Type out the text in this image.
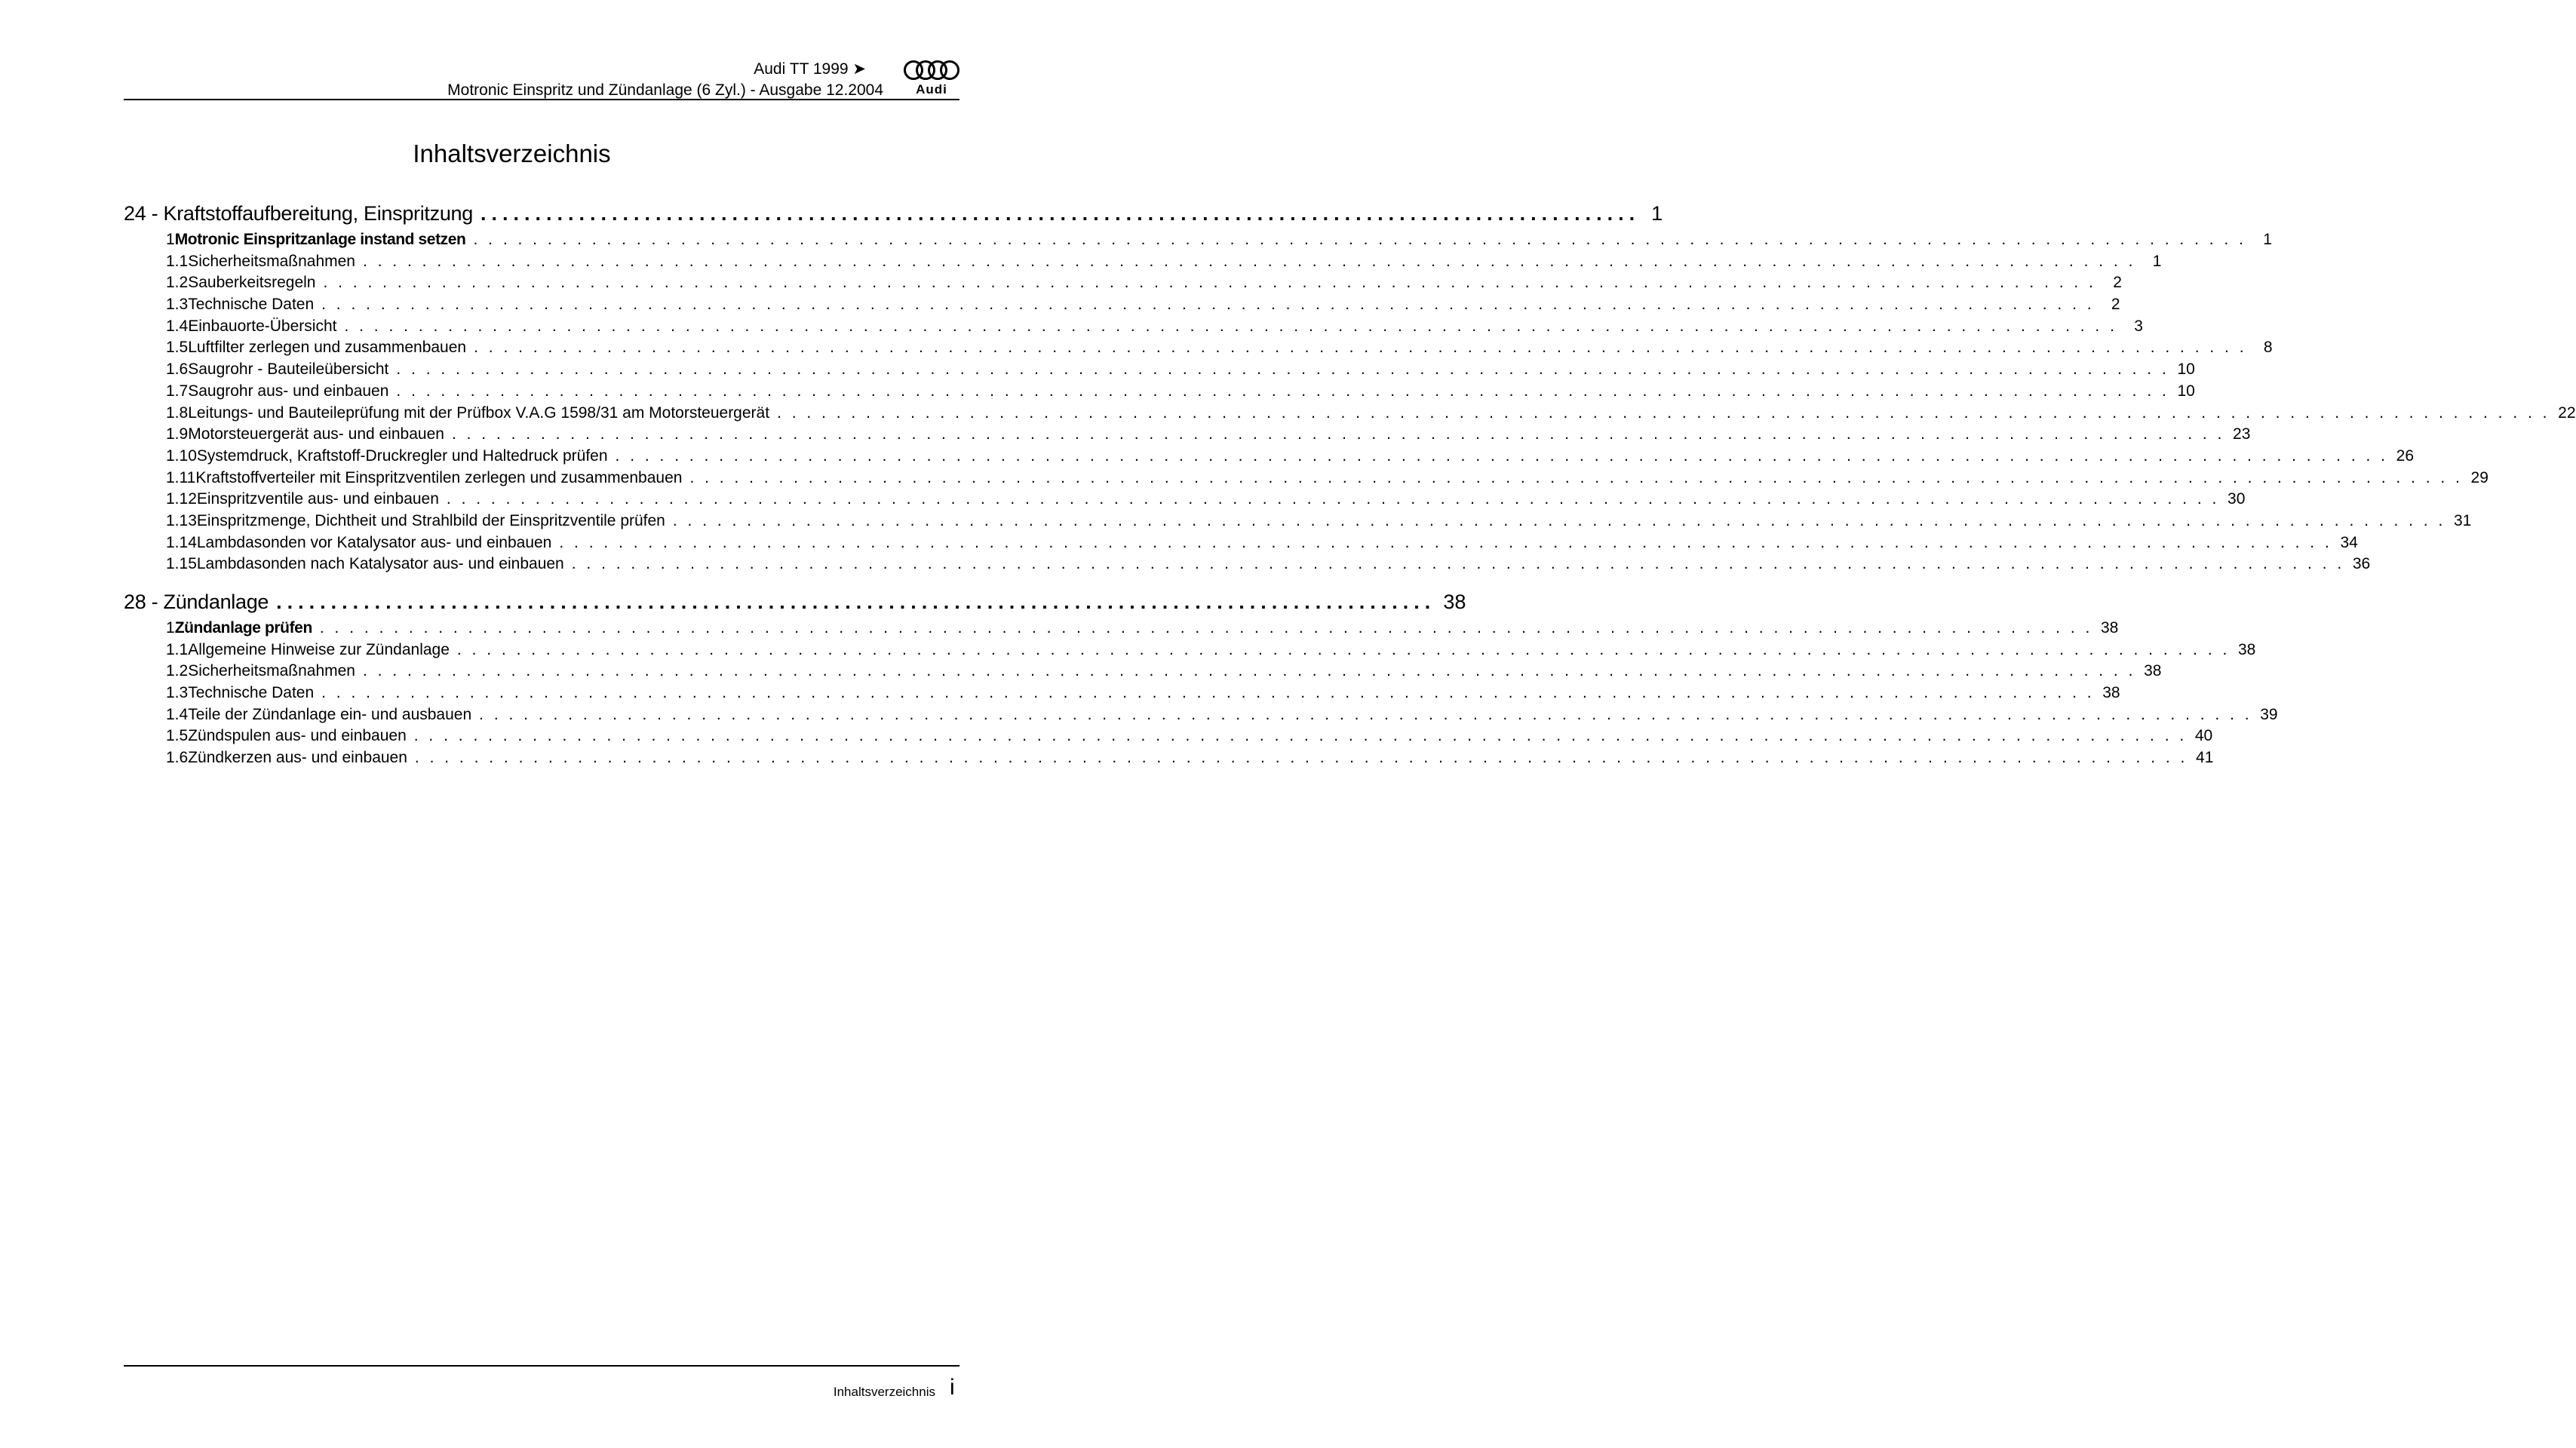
Audi TT 1999 ➤
Motronic Einspritz und Zündanlage (6 Zyl.) - Ausgabe 12.2004	Audi
Inhaltsverzeichnis
24 - Kraftstoffaufbereitung, Einspritzung .......................................................................................................... 1
1 Motronic Einspritzanlage instand setzen . . . . . . . . . . . . . . . . . . . . . . . . . . . . . . . . . . . . . . . . . . . . . . . . . . . . . . . . . . . . . . . . . . . . . . . . . . . . . . . . . . . . . . . . . . . . . . . . . . . . . . . . . . . . . . . . . . . . . . . .	1
1.1 Sicherheitsmaßnahmen . . . . . . . . . . . . . . . . . . . . . . . . . . . . . . . . . . . . . . . . . . . . . . . . . . . . . . . . . . . . . . . . . . . . . . . . . . . . . . . . . . . . . . . . . . . . . . . . . . . . . . . . . . . . . . . . . . . . . . . .	1
1.2 Sauberkeitsregeln . . . . . . . . . . . . . . . . . . . . . . . . . . . . . . . . . . . . . . . . . . . . . . . . . . . . . . . . . . . . . . . . . . . . . . . . . . . . . . . . . . . . . . . . . . . . . . . . . . . . . . . . . . . . . . . . . . . . . . . .	2
1.3 Technische Daten . . . . . . . . . . . . . . . . . . . . . . . . . . . . . . . . . . . . . . . . . . . . . . . . . . . . . . . . . . . . . . . . . . . . . . . . . . . . . . . . . . . . . . . . . . . . . . . . . . . . . . . . . . . . . . . . . . . . . . . .	2
1.4 Einbauorte-Übersicht . . . . . . . . . . . . . . . . . . . . . . . . . . . . . . . . . . . . . . . . . . . . . . . . . . . . . . . . . . . . . . . . . . . . . . . . . . . . . . . . . . . . . . . . . . . . . . . . . . . . . . . . . . . . . . . . . . . . . . . .	3
1.5 Luftfilter zerlegen und zusammenbauen . . . . . . . . . . . . . . . . . . . . . . . . . . . . . . . . . . . . . . . . . . . . . . . . . . . . . . . . . . . . . . . . . . . . . . . . . . . . . . . . . . . . . . . . . . . . . . . . . . . . . . . . . . . . . . . . . . . . . . . .	8
1.6 Saugrohr - Bauteileübersicht . . . . . . . . . . . . . . . . . . . . . . . . . . . . . . . . . . . . . . . . . . . . . . . . . . . . . . . . . . . . . . . . . . . . . . . . . . . . . . . . . . . . . . . . . . . . . . . . . . . . . . . . . . . . . . . . . . . . . . . . 10
1.7 Saugrohr aus- und einbauen . . . . . . . . . . . . . . . . . . . . . . . . . . . . . . . . . . . . . . . . . . . . . . . . . . . . . . . . . . . . . . . . . . . . . . . . . . . . . . . . . . . . . . . . . . . . . . . . . . . . . . . . . . . . . . . . . . . . . . . . 10
1.8 Leitungs- und Bauteileprüfung mit der Prüfbox V.A.G 1598/31 am Motorsteuergerät . . . . . . . . . . . . . . . . . . . . . . . . . . . . . . . . . . . . . . . . . . . . . . . . . . . . . . . . . . . . . . . . . . . . . . . . . . . . . . . . . . . . . . . . . . . . . . . . . . . . . . . . . . . . . . . . . . . . . . . . 22
1.9 Motorsteuergerät aus- und einbauen . . . . . . . . . . . . . . . . . . . . . . . . . . . . . . . . . . . . . . . . . . . . . . . . . . . . . . . . . . . . . . . . . . . . . . . . . . . . . . . . . . . . . . . . . . . . . . . . . . . . . . . . . . . . . . . . . . . . . . . . 23
1.10 Systemdruck, Kraftstoff-Druckregler und Haltedruck prüfen . . . . . . . . . . . . . . . . . . . . . . . . . . . . . . . . . . . . . . . . . . . . . . . . . . . . . . . . . . . . . . . . . . . . . . . . . . . . . . . . . . . . . . . . . . . . . . . . . . . . . . . . . . . . . . . . . . . . . . . . 26
1.11 Kraftstoffverteiler mit Einspritzventilen zerlegen und zusammenbauen . . . . . . . . . . . . . . . . . . . . . . . . . . . . . . . . . . . . . . . . . . . . . . . . . . . . . . . . . . . . . . . . . . . . . . . . . . . . . . . . . . . . . . . . . . . . . . . . . . . . . . . . . . . . . . . . . . . . . . . . 29
1.12 Einspritzventile aus- und einbauen . . . . . . . . . . . . . . . . . . . . . . . . . . . . . . . . . . . . . . . . . . . . . . . . . . . . . . . . . . . . . . . . . . . . . . . . . . . . . . . . . . . . . . . . . . . . . . . . . . . . . . . . . . . . . . . . . . . . . . . . 30
1.13 Einspritzmenge, Dichtheit und Strahlbild der Einspritzventile prüfen . . . . . . . . . . . . . . . . . . . . . . . . . . . . . . . . . . . . . . . . . . . . . . . . . . . . . . . . . . . . . . . . . . . . . . . . . . . . . . . . . . . . . . . . . . . . . . . . . . . . . . . . . . . . . . . . . . . . . . . . 31
1.14 Lambdasonden vor Katalysator aus- und einbauen . . . . . . . . . . . . . . . . . . . . . . . . . . . . . . . . . . . . . . . . . . . . . . . . . . . . . . . . . . . . . . . . . . . . . . . . . . . . . . . . . . . . . . . . . . . . . . . . . . . . . . . . . . . . . . . . . . . . . . . . 34
1.15 Lambdasonden nach Katalysator aus- und einbauen . . . . . . . . . . . . . . . . . . . . . . . . . . . . . . . . . . . . . . . . . . . . . . . . . . . . . . . . . . . . . . . . . . . . . . . . . . . . . . . . . . . . . . . . . . . . . . . . . . . . . . . . . . . . . . . . . . . . . . . . 36
28 - Zündanlage .......................................................................................................... 38
1 Zündanlage prüfen . . . . . . . . . . . . . . . . . . . . . . . . . . . . . . . . . . . . . . . . . . . . . . . . . . . . . . . . . . . . . . . . . . . . . . . . . . . . . . . . . . . . . . . . . . . . . . . . . . . . . . . . . . . . . . . . . . . . . . . . 38
1.1 Allgemeine Hinweise zur Zündanlage . . . . . . . . . . . . . . . . . . . . . . . . . . . . . . . . . . . . . . . . . . . . . . . . . . . . . . . . . . . . . . . . . . . . . . . . . . . . . . . . . . . . . . . . . . . . . . . . . . . . . . . . . . . . . . . . . . . . . . . . 38
1.2 Sicherheitsmaßnahmen . . . . . . . . . . . . . . . . . . . . . . . . . . . . . . . . . . . . . . . . . . . . . . . . . . . . . . . . . . . . . . . . . . . . . . . . . . . . . . . . . . . . . . . . . . . . . . . . . . . . . . . . . . . . . . . . . . . . . . . . 38
1.3 Technische Daten . . . . . . . . . . . . . . . . . . . . . . . . . . . . . . . . . . . . . . . . . . . . . . . . . . . . . . . . . . . . . . . . . . . . . . . . . . . . . . . . . . . . . . . . . . . . . . . . . . . . . . . . . . . . . . . . . . . . . . . . 38
1.4 Teile der Zündanlage ein- und ausbauen . . . . . . . . . . . . . . . . . . . . . . . . . . . . . . . . . . . . . . . . . . . . . . . . . . . . . . . . . . . . . . . . . . . . . . . . . . . . . . . . . . . . . . . . . . . . . . . . . . . . . . . . . . . . . . . . . . . . . . . . 39
1.5 Zündspulen aus- und einbauen . . . . . . . . . . . . . . . . . . . . . . . . . . . . . . . . . . . . . . . . . . . . . . . . . . . . . . . . . . . . . . . . . . . . . . . . . . . . . . . . . . . . . . . . . . . . . . . . . . . . . . . . . . . . . . . . . . . . . . . . 40
1.6 Zündkerzen aus- und einbauen . . . . . . . . . . . . . . . . . . . . . . . . . . . . . . . . . . . . . . . . . . . . . . . . . . . . . . . . . . . . . . . . . . . . . . . . . . . . . . . . . . . . . . . . . . . . . . . . . . . . . . . . . . . . . . . . . . . . . . . . 41
Inhaltsverzeichnis i
